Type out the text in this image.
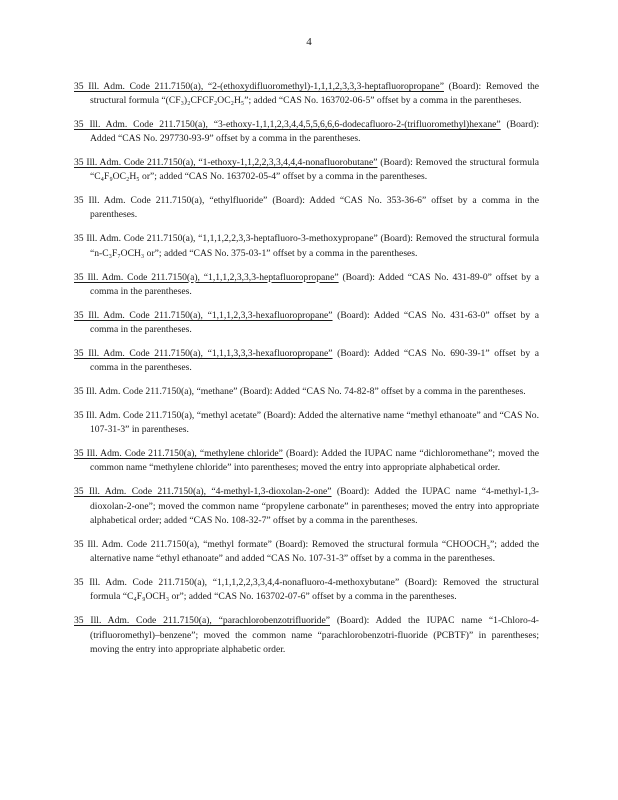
4

35 Ill. Adm. Code 211.7150(a), “2-(ethoxydifluoromethyl)-1,1,1,2,3,3,3-heptafluoropropane” (Board): Removed the structural formula “(CF₃)₂CFCF₂OC₂H₅”; added “CAS No. 163702-06-5” offset by a comma in the parentheses.

35 Ill. Adm. Code 211.7150(a), “3-ethoxy-1,1,1,2,3,4,4,5,5,6,6,6-dodecafluoro-2-(trifluoromethyl)hexane” (Board): Added “CAS No. 297730-93-9” offset by a comma in the parentheses.

35 Ill. Adm. Code 211.7150(a), “1-ethoxy-1,1,2,2,3,3,4,4,4-nonafluorobutane” (Board): Removed the structural formula “C₄F₉OC₂H₅ or”; added “CAS No. 163702-05-4” offset by a comma in the parentheses.

35 Ill. Adm. Code 211.7150(a), “ethylfluoride” (Board): Added “CAS No. 353-36-6” offset by a comma in the parentheses.

35 Ill. Adm. Code 211.7150(a), “1,1,1,2,2,3,3-heptafluoro-3-methoxypropane” (Board): Removed the structural formula “n-C₃F₇OCH₃ or”; added “CAS No. 375-03-1” offset by a comma in the parentheses.

35 Ill. Adm. Code 211.7150(a), “1,1,1,2,3,3,3-heptafluoropropane” (Board): Added “CAS No. 431-89-0” offset by a comma in the parentheses.

35 Ill. Adm. Code 211.7150(a), “1,1,1,2,3,3-hexafluoropropane” (Board): Added “CAS No. 431-63-0” offset by a comma in the parentheses.

35 Ill. Adm. Code 211.7150(a), “1,1,1,3,3,3-hexafluoropropane” (Board): Added “CAS No. 690-39-1” offset by a comma in the parentheses.

35 Ill. Adm. Code 211.7150(a), “methane” (Board): Added “CAS No. 74-82-8” offset by a comma in the parentheses.

35 Ill. Adm. Code 211.7150(a), “methyl acetate” (Board): Added the alternative name “methyl ethanoate” and “CAS No. 107-31-3” in parentheses.

35 Ill. Adm. Code 211.7150(a), “methylene chloride” (Board): Added the IUPAC name “dichloromethane”; moved the common name “methylene chloride” into parentheses; moved the entry into appropriate alphabetical order.

35 Ill. Adm. Code 211.7150(a), “4-methyl-1,3-dioxolan-2-one” (Board): Added the IUPAC name “4-methyl-1,3-dioxolan-2-one”; moved the common name “propylene carbonate” in parentheses; moved the entry into appropriate alphabetical order; added “CAS No. 108-32-7” offset by a comma in the parentheses.

35 Ill. Adm. Code 211.7150(a), “methyl formate” (Board): Removed the structural formula “CHOOCH₃”; added the alternative name “ethyl ethanoate” and added “CAS No. 107-31-3” offset by a comma in the parentheses.

35 Ill. Adm. Code 211.7150(a), “1,1,1,2,2,3,3,4,4-nonafluoro-4-methoxybutane” (Board): Removed the structural formula “C₄F₉OCH₃ or”; added “CAS No. 163702-07-6” offset by a comma in the parentheses.

35 Ill. Adm. Code 211.7150(a), “parachlorobenzotrifluoride” (Board): Added the IUPAC name “1-Chloro-4-(trifluoromethyl)–benzene”; moved the common name “parachlorobenzotri-fluoride (PCBTF)” in parentheses; moving the entry into appropriate alphabetic order.
